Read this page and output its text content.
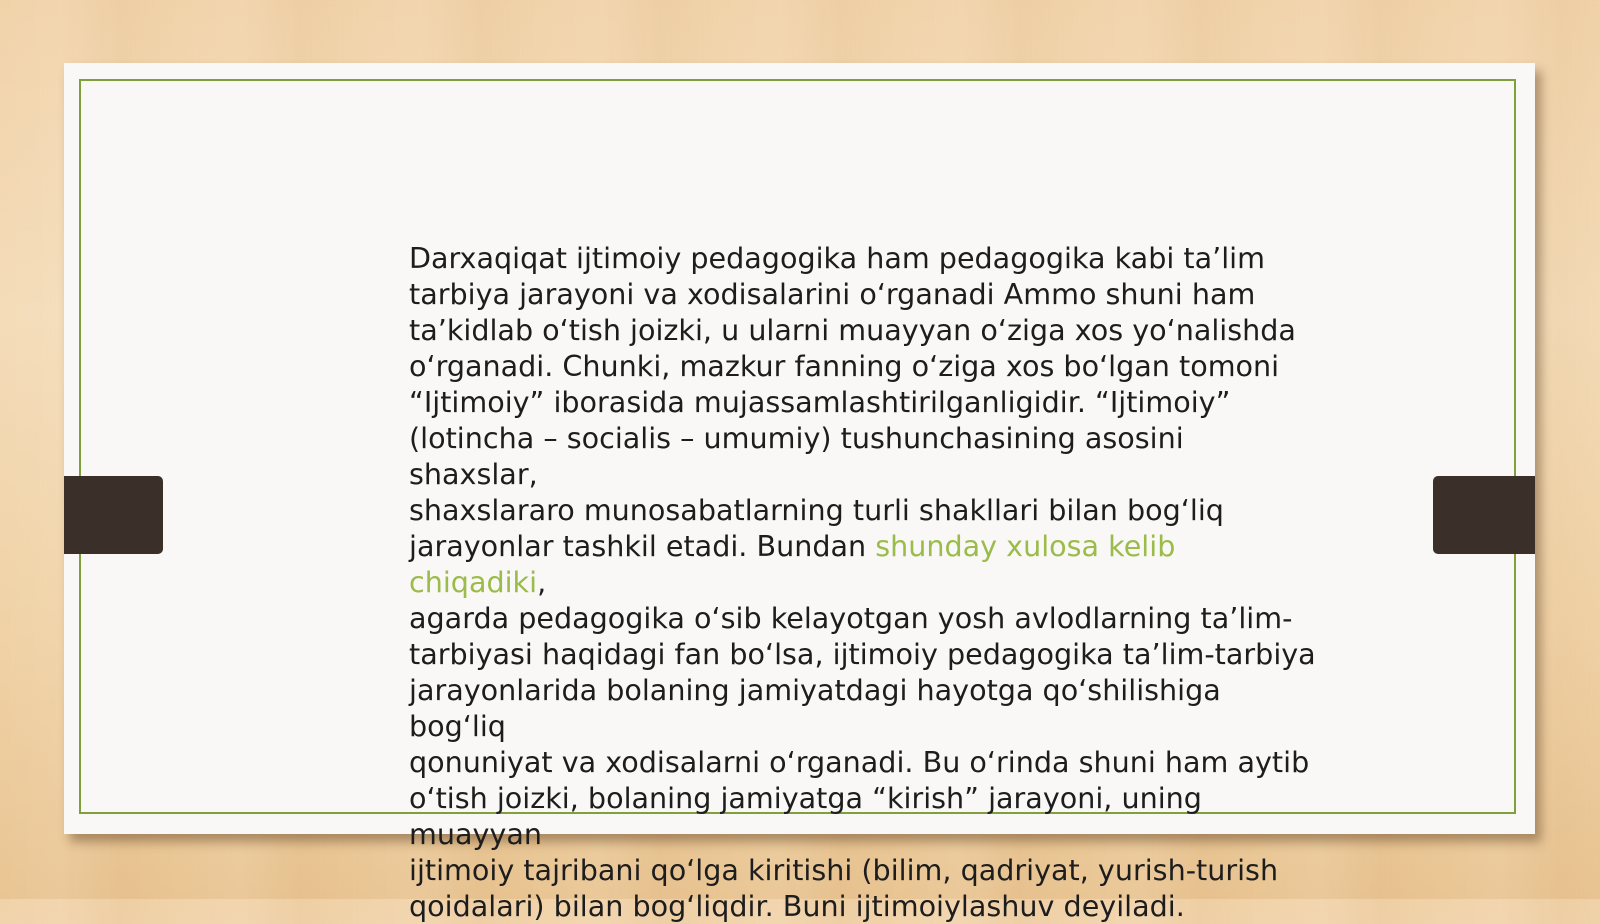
Darxaqiqat ijtimoiy pedagogika ham pedagogika kabi ta’lim
tarbiya jarayoni va xodisalarini o‘rganadi Ammo shuni ham
ta’kidlab o‘tish joizki, u ularni muayyan o‘ziga xos yo‘nalishda
o‘rganadi. Chunki, mazkur fanning o‘ziga xos bo‘lgan tomoni
“Ijtimoiy” iborasida mujassamlashtirilganligidir. “Ijtimoiy”
(lotincha – socialis – umumiy) tushunchasining asosini shaxslar,
shaxslararo munosabatlarning turli shakllari bilan bog‘liq
jarayonlar tashkil etadi. Bundan shunday xulosa kelib chiqadiki,
agarda pedagogika o‘sib kelayotgan yosh avlodlarning ta’lim-
tarbiyasi haqidagi fan bo‘lsa, ijtimoiy pedagogika ta’lim-tarbiya
jarayonlarida bolaning jamiyatdagi hayotga qo‘shilishiga bog‘liq
qonuniyat va xodisalarni o‘rganadi. Bu o‘rinda shuni ham aytib
o‘tish joizki, bolaning jamiyatga “kirish” jarayoni, uning muayyan
ijtimoiy tajribani qo‘lga kiritishi (bilim, qadriyat, yurish-turish
qoidalari) bilan bog‘liqdir. Buni ijtimoiylashuv deyiladi.
